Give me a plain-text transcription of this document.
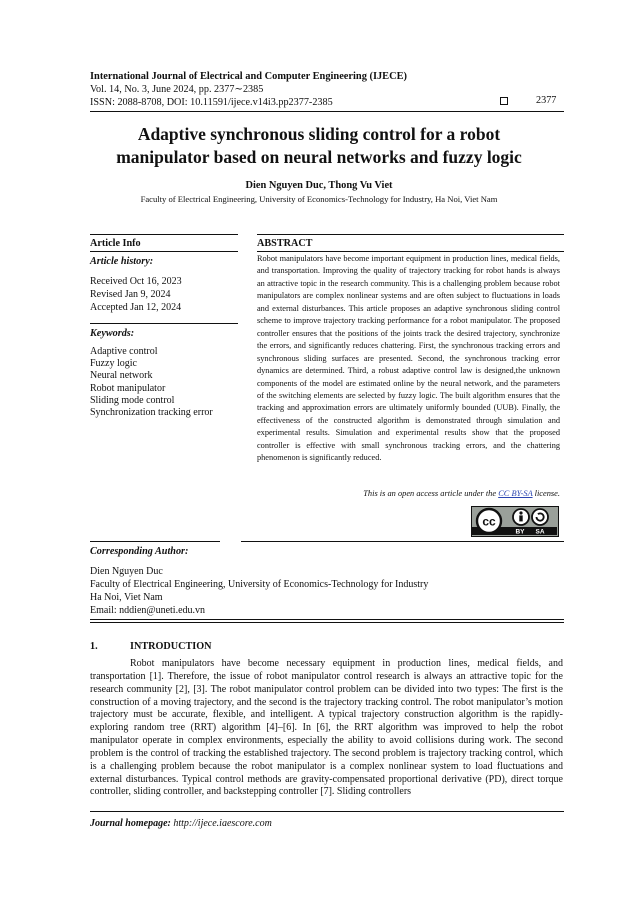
International Journal of Electrical and Computer Engineering (IJECE)
Vol. 14, No. 3, June 2024, pp. 2377∼2385
ISSN: 2088-8708, DOI: 10.11591/ijece.v14i3.pp2377-2385	2377
Adaptive synchronous sliding control for a robot
manipulator based on neural networks and fuzzy logic
Dien Nguyen Duc, Thong Vu Viet
Faculty of Electrical Engineering, University of Economics-Technology for Industry, Ha Noi, Viet Nam
Article Info
Article history:
Received Oct 16, 2023
Revised Jan 9, 2024
Accepted Jan 12, 2024
Keywords:
Adaptive control
Fuzzy logic
Neural network
Robot manipulator
Sliding mode control
Synchronization tracking error
ABSTRACT
Robot manipulators have become important equipment in production lines, medical fields, and transportation. Improving the quality of trajectory tracking for robot hands is always an attractive topic in the research community. This is a challenging problem because robot manipulators are complex nonlinear systems and are often subject to fluctuations in loads and external disturbances. This article proposes an adaptive synchronous sliding control scheme to improve trajectory tracking performance for a robot manipulator. The proposed controller ensures that the positions of the joints track the desired trajectory, synchronize the errors, and significantly reduces chattering. First, the synchronous tracking errors and synchronous sliding surfaces are presented. Second, the synchronous tracking error dynamics are determined. Third, a robust adaptive control law is designed,the unknown components of the model are estimated online by the neural network, and the parameters of the switching elements are selected by fuzzy logic. The built algorithm ensures that the tracking and approximation errors are ultimately uniformly bounded (UUB). Finally, the effectiveness of the constructed algorithm is demonstrated through simulation and experimental results. Simulation and experimental results show that the proposed controller is effective with small synchronous tracking errors, and the chattering phenomenon is significantly reduced.
This is an open access article under the CC BY-SA license.
cc
BY SA
Corresponding Author:
Dien Nguyen Duc
Faculty of Electrical Engineering, University of Economics-Technology for Industry
Ha Noi, Viet Nam
Email: nddien@uneti.edu.vn
1.	INTRODUCTION

Robot manipulators have become necessary equipment in production lines, medical fields, and transportation [1]. Therefore, the issue of robot manipulator control research is always an attractive topic for the research community [2], [3]. The robot manipulator control problem can be divided into two types: The first is the construction of a moving trajectory, and the second is the trajectory tracking control. The robot manipulator’s motion trajectory must be accurate, flexible, and intelligent. A typical trajectory construction algorithm is the rapidly-exploring random tree (RRT) algorithm [4]–[6]. In [6], the RRT algorithm was improved to help the robot manipulator operate in complex environments, especially the ability to avoid collisions during work. The second problem is the control of tracking the established trajectory. The second problem is trajectory tracking control, which is a challenging problem because the robot manipulator is a complex nonlinear system to load fluctuations and external disturbances. Typical control methods are gravity-compensated proportional derivative (PD), direct torque controller, sliding controller, and backstepping controller [7]. Sliding controllers

Journal homepage: http://ijece.iaescore.com
